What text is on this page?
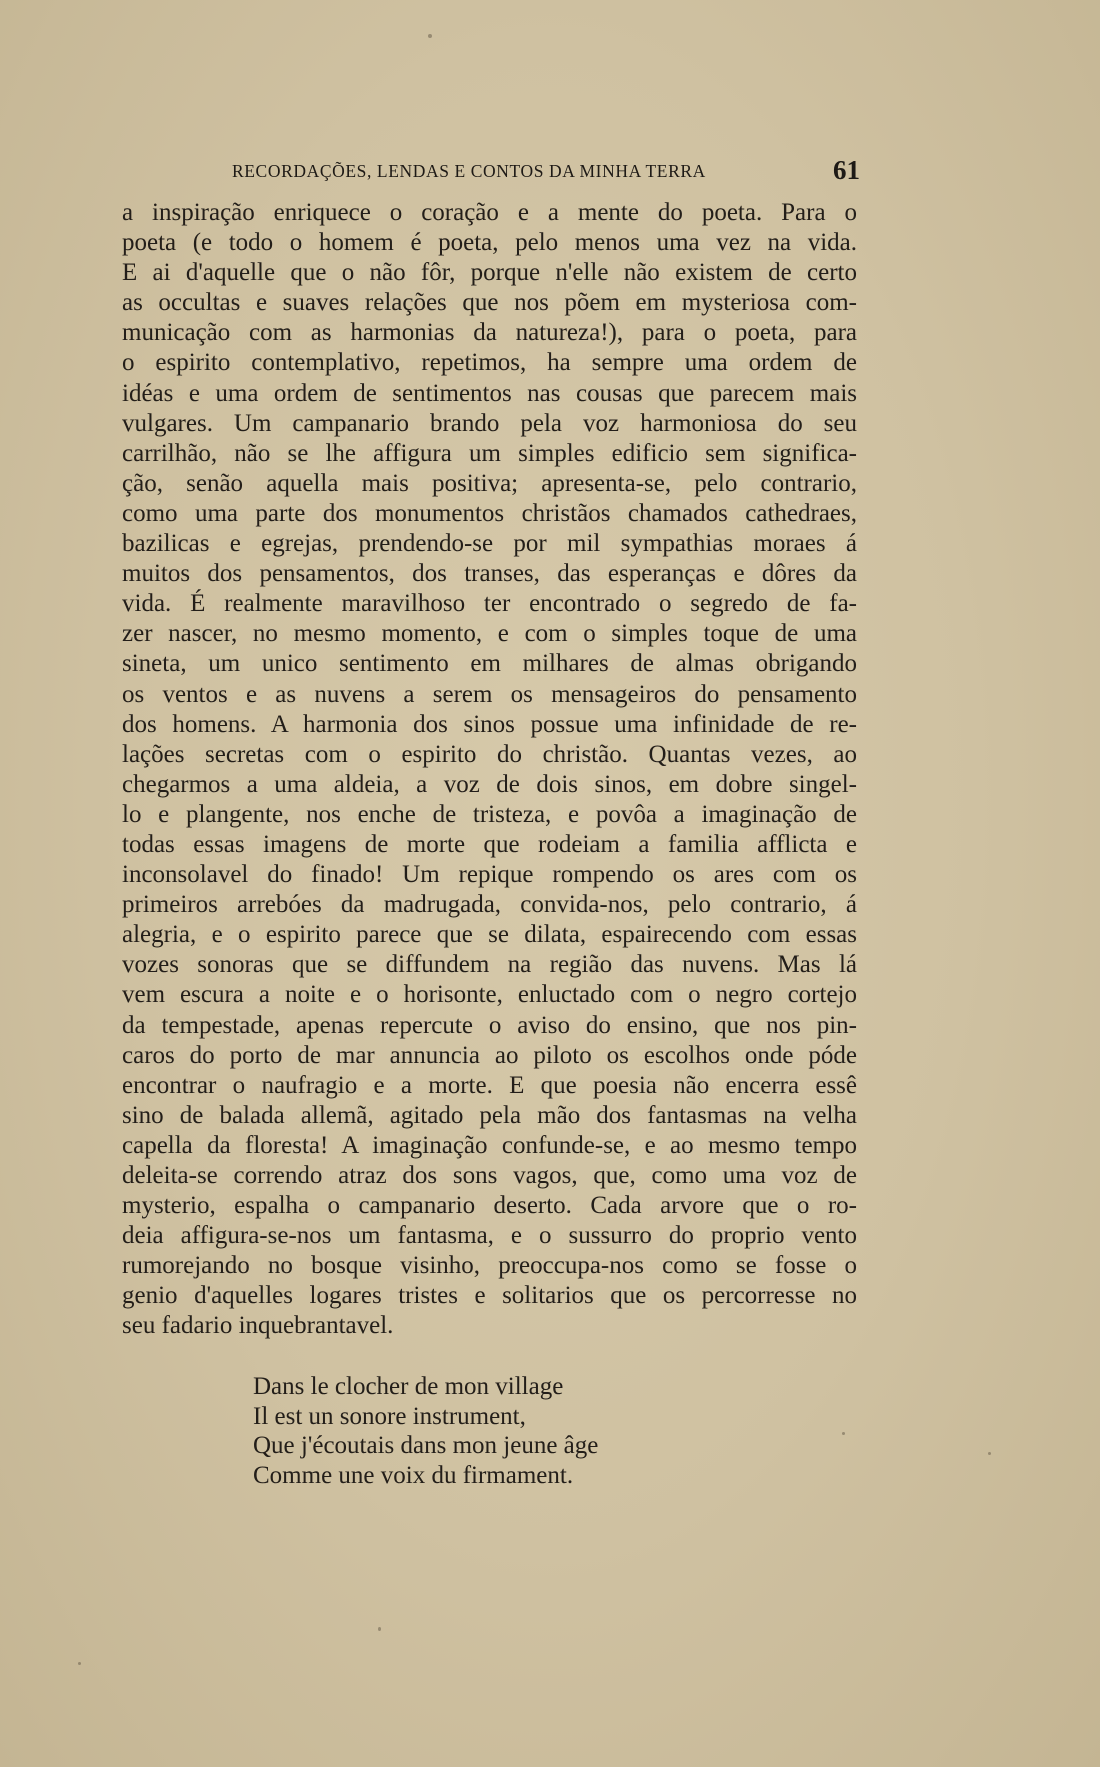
RECORDAÇÕES, LENDAS E CONTOS DA MINHA TERRA	61
a inspiração enriquece o coração e a mente do poeta. Para o
poeta (e todo o homem é poeta, pelo menos uma vez na vida.
E ai d'aquelle que o não fôr, porque n'elle não existem de certo
as occultas e suaves relações que nos põem em mysteriosa com-
municação com as harmonias da natureza!), para o poeta, para
o espirito contemplativo, repetimos, ha sempre uma ordem de
idéas e uma ordem de sentimentos nas cousas que parecem mais
vulgares. Um campanario brando pela voz harmoniosa do seu
carrilhão, não se lhe affigura um simples edificio sem significa-
ção, senão aquella mais positiva; apresenta-se, pelo contrario,
como uma parte dos monumentos christãos chamados cathedraes,
bazilicas e egrejas, prendendo-se por mil sympathias moraes á
muitos dos pensamentos, dos transes, das esperanças e dôres da
vida. É realmente maravilhoso ter encontrado o segredo de fa-
zer nascer, no mesmo momento, e com o simples toque de uma
sineta, um unico sentimento em milhares de almas obrigando
os ventos e as nuvens a serem os mensageiros do pensamento
dos homens. A harmonia dos sinos possue uma infinidade de re-
lações secretas com o espirito do christão. Quantas vezes, ao
chegarmos a uma aldeia, a voz de dois sinos, em dobre singel-
lo e plangente, nos enche de tristeza, e povôa a imaginação de
todas essas imagens de morte que rodeiam a familia afflicta e
inconsolavel do finado! Um repique rompendo os ares com os
primeiros arrebóes da madrugada, convida-nos, pelo contrario, á
alegria, e o espirito parece que se dilata, espairecendo com essas
vozes sonoras que se diffundem na região das nuvens. Mas lá
vem escura a noite e o horisonte, enluctado com o negro cortejo
da tempestade, apenas repercute o aviso do ensino, que nos pin-
caros do porto de mar annuncia ao piloto os escolhos onde póde
encontrar o naufragio e a morte. E que poesia não encerra essê
sino de balada allemã, agitado pela mão dos fantasmas na velha
capella da floresta! A imaginação confunde-se, e ao mesmo tempo
deleita-se correndo atraz dos sons vagos, que, como uma voz de
mysterio, espalha o campanario deserto. Cada arvore que o ro-
deia affigura-se-nos um fantasma, e o sussurro do proprio vento
rumorejando no bosque visinho, preoccupa-nos como se fosse o
genio d'aquelles logares tristes e solitarios que os percorresse no
seu fadario inquebrantavel.
Dans le clocher de mon village
Il est un sonore instrument,
Que j'écoutais dans mon jeune âge
Comme une voix du firmament.
